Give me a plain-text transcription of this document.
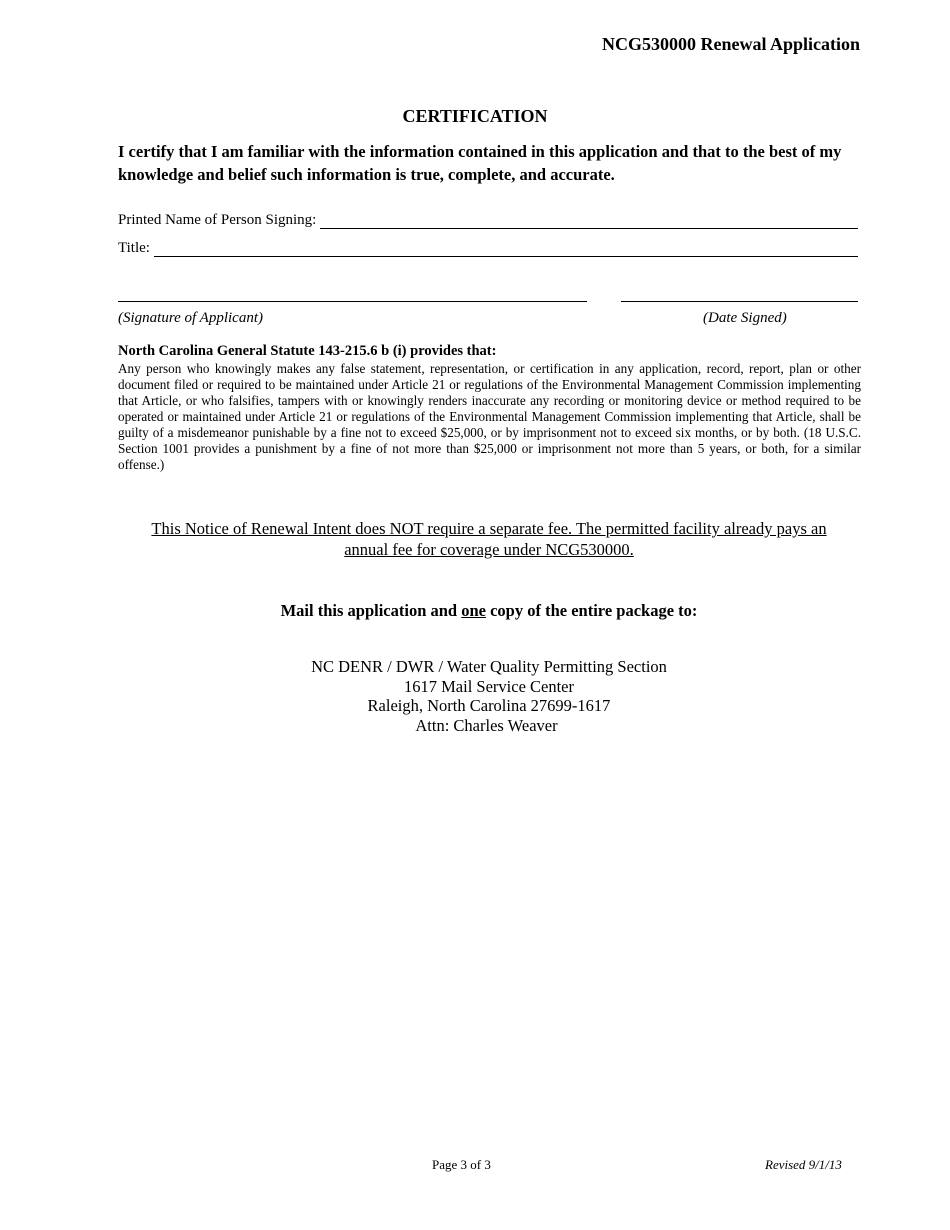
NCG530000 Renewal Application
CERTIFICATION
I certify that I am familiar with the information contained in this application and that to the best of my knowledge and belief such information is true, complete, and accurate.
Printed Name of Person Signing:
Title:
(Signature of Applicant)	(Date Signed)
North Carolina General Statute 143-215.6 b (i) provides that:
Any person who knowingly makes any false statement, representation, or certification in any application, record, report, plan or other document filed or required to be maintained under Article 21 or regulations of the Environmental Management Commission implementing that Article, or who falsifies, tampers with or knowingly renders inaccurate any recording or monitoring device or method required to be operated or maintained under Article 21 or regulations of the Environmental Management Commission implementing that Article, shall be guilty of a misdemeanor punishable by a fine not to exceed $25,000, or by imprisonment not to exceed six months, or by both. (18 U.S.C. Section 1001 provides a punishment by a fine of not more than $25,000 or imprisonment not more than 5 years, or both, for a similar offense.)
This Notice of Renewal Intent does NOT require a separate fee. The permitted facility already pays an annual fee for coverage under NCG530000.
Mail this application and one copy of the entire package to:
NC DENR / DWR / Water Quality Permitting Section
1617 Mail Service Center
Raleigh, North Carolina 27699-1617
Attn: Charles Weaver
Page 3 of 3	Revised 9/1/13
